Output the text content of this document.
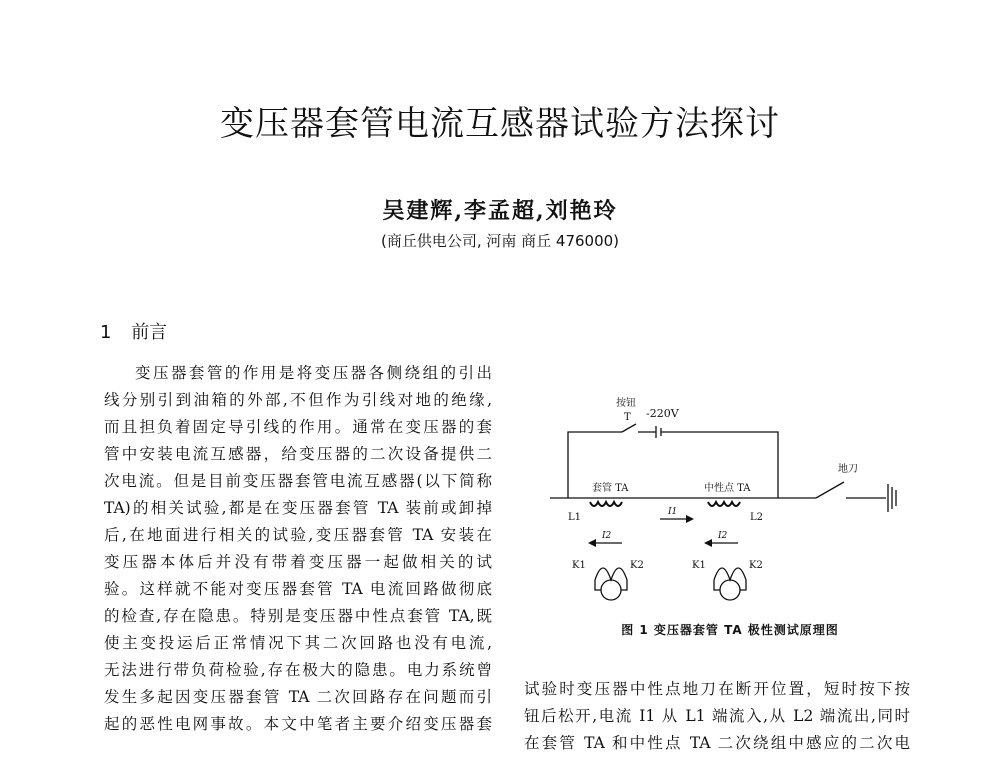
变压器套管电流互感器试验方法探讨
吴建辉,李孟超,刘艳玲
(商丘供电公司, 河南 商丘 476000)
1 前言
变压器套管的作用是将变压器各侧绕组的引出
线分别引到油箱的外部,不但作为引线对地的绝缘,
而且担负着固定导引线的作用。通常在变压器的套
管中安装电流互感器，给变压器的二次设备提供二
次电流。但是目前变压器套管电流互感器(以下简称
TA)的相关试验,都是在变压器套管 TA 装前或卸掉
后,在地面进行相关的试验,变压器套管 TA 安装在
变压器本体后并没有带着变压器一起做相关的试
验。这样就不能对变压器套管 TA 电流回路做彻底
的检查,存在隐患。特别是变压器中性点套管 TA,既
使主变投运后正常情况下其二次回路也没有电流,
无法进行带负荷检验,存在极大的隐患。电力系统曾
发生多起因变压器套管 TA 二次回路存在问题而引
起的恶性电网事故。本文中笔者主要介绍变压器套
按钮
T -220V
地刀
套管 TA	中性点 TA
L1	L2
I1
I2	I2
K1	K2	K1	K2
图 1 变压器套管 TA 极性测试原理图
试验时变压器中性点地刀在断开位置，短时按下按
钮后松开,电流 I1 从 L1 端流入,从 L2 端流出,同时
在套管 TA 和中性点 TA 二次绕组中感应的二次电
